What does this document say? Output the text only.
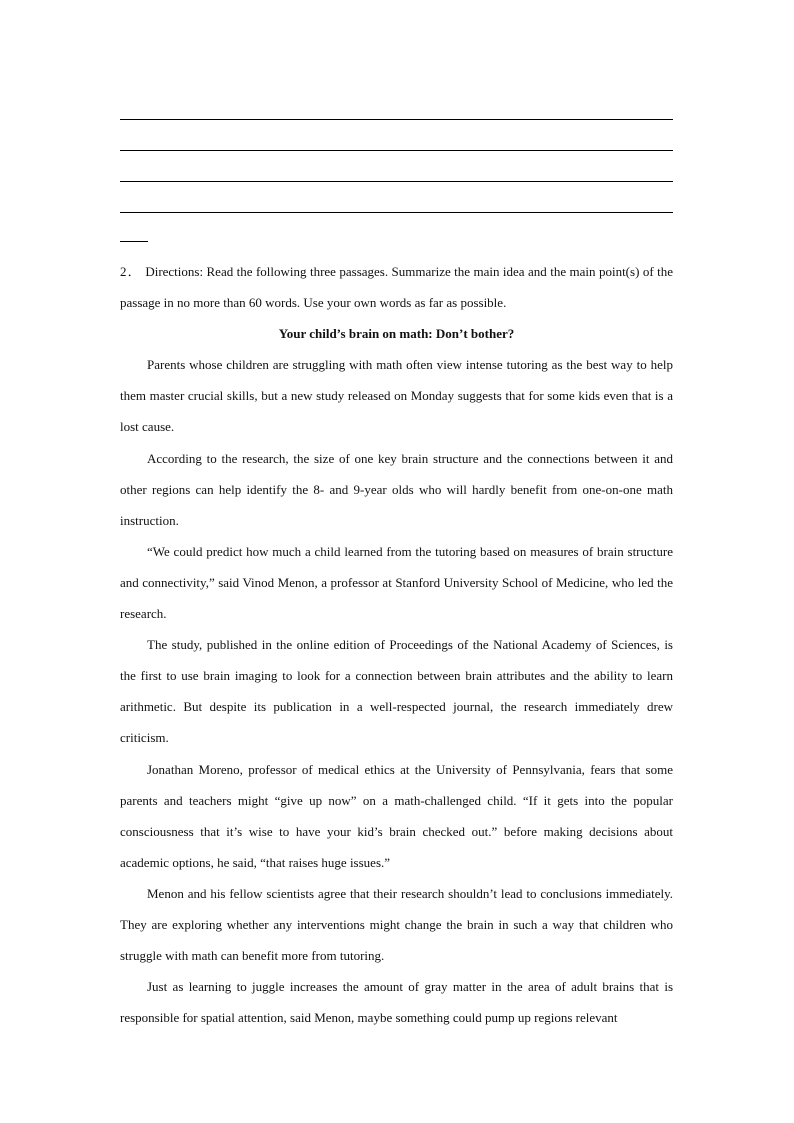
2． Directions: Read the following three passages. Summarize the main idea and the main point(s) of the passage in no more than 60 words. Use your own words as far as possible.

Your child’s brain on math: Don’t bother?

Parents whose children are struggling with math often view intense tutoring as the best way to help them master crucial skills, but a new study released on Monday suggests that for some kids even that is a lost cause.

According to the research, the size of one key brain structure and the connections between it and other regions can help identify the 8- and 9-year olds who will hardly benefit from one-on-one math instruction.

“We could predict how much a child learned from the tutoring based on measures of brain structure and connectivity,” said Vinod Menon, a professor at Stanford University School of Medicine, who led the research.

The study, published in the online edition of Proceedings of the National Academy of Sciences, is the first to use brain imaging to look for a connection between brain attributes and the ability to learn arithmetic. But despite its publication in a well-respected journal, the research immediately drew criticism.

Jonathan Moreno, professor of medical ethics at the University of Pennsylvania, fears that some parents and teachers might “give up now” on a math-challenged child. “If it gets into the popular consciousness that it’s wise to have your kid’s brain checked out.” before making decisions about academic options, he said, “that raises huge issues.”

Menon and his fellow scientists agree that their research shouldn’t lead to conclusions immediately. They are exploring whether any interventions might change the brain in such a way that children who struggle with math can benefit more from tutoring.

Just as learning to juggle increases the amount of gray matter in the area of adult brains that is responsible for spatial attention, said Menon, maybe something could pump up regions relevant
